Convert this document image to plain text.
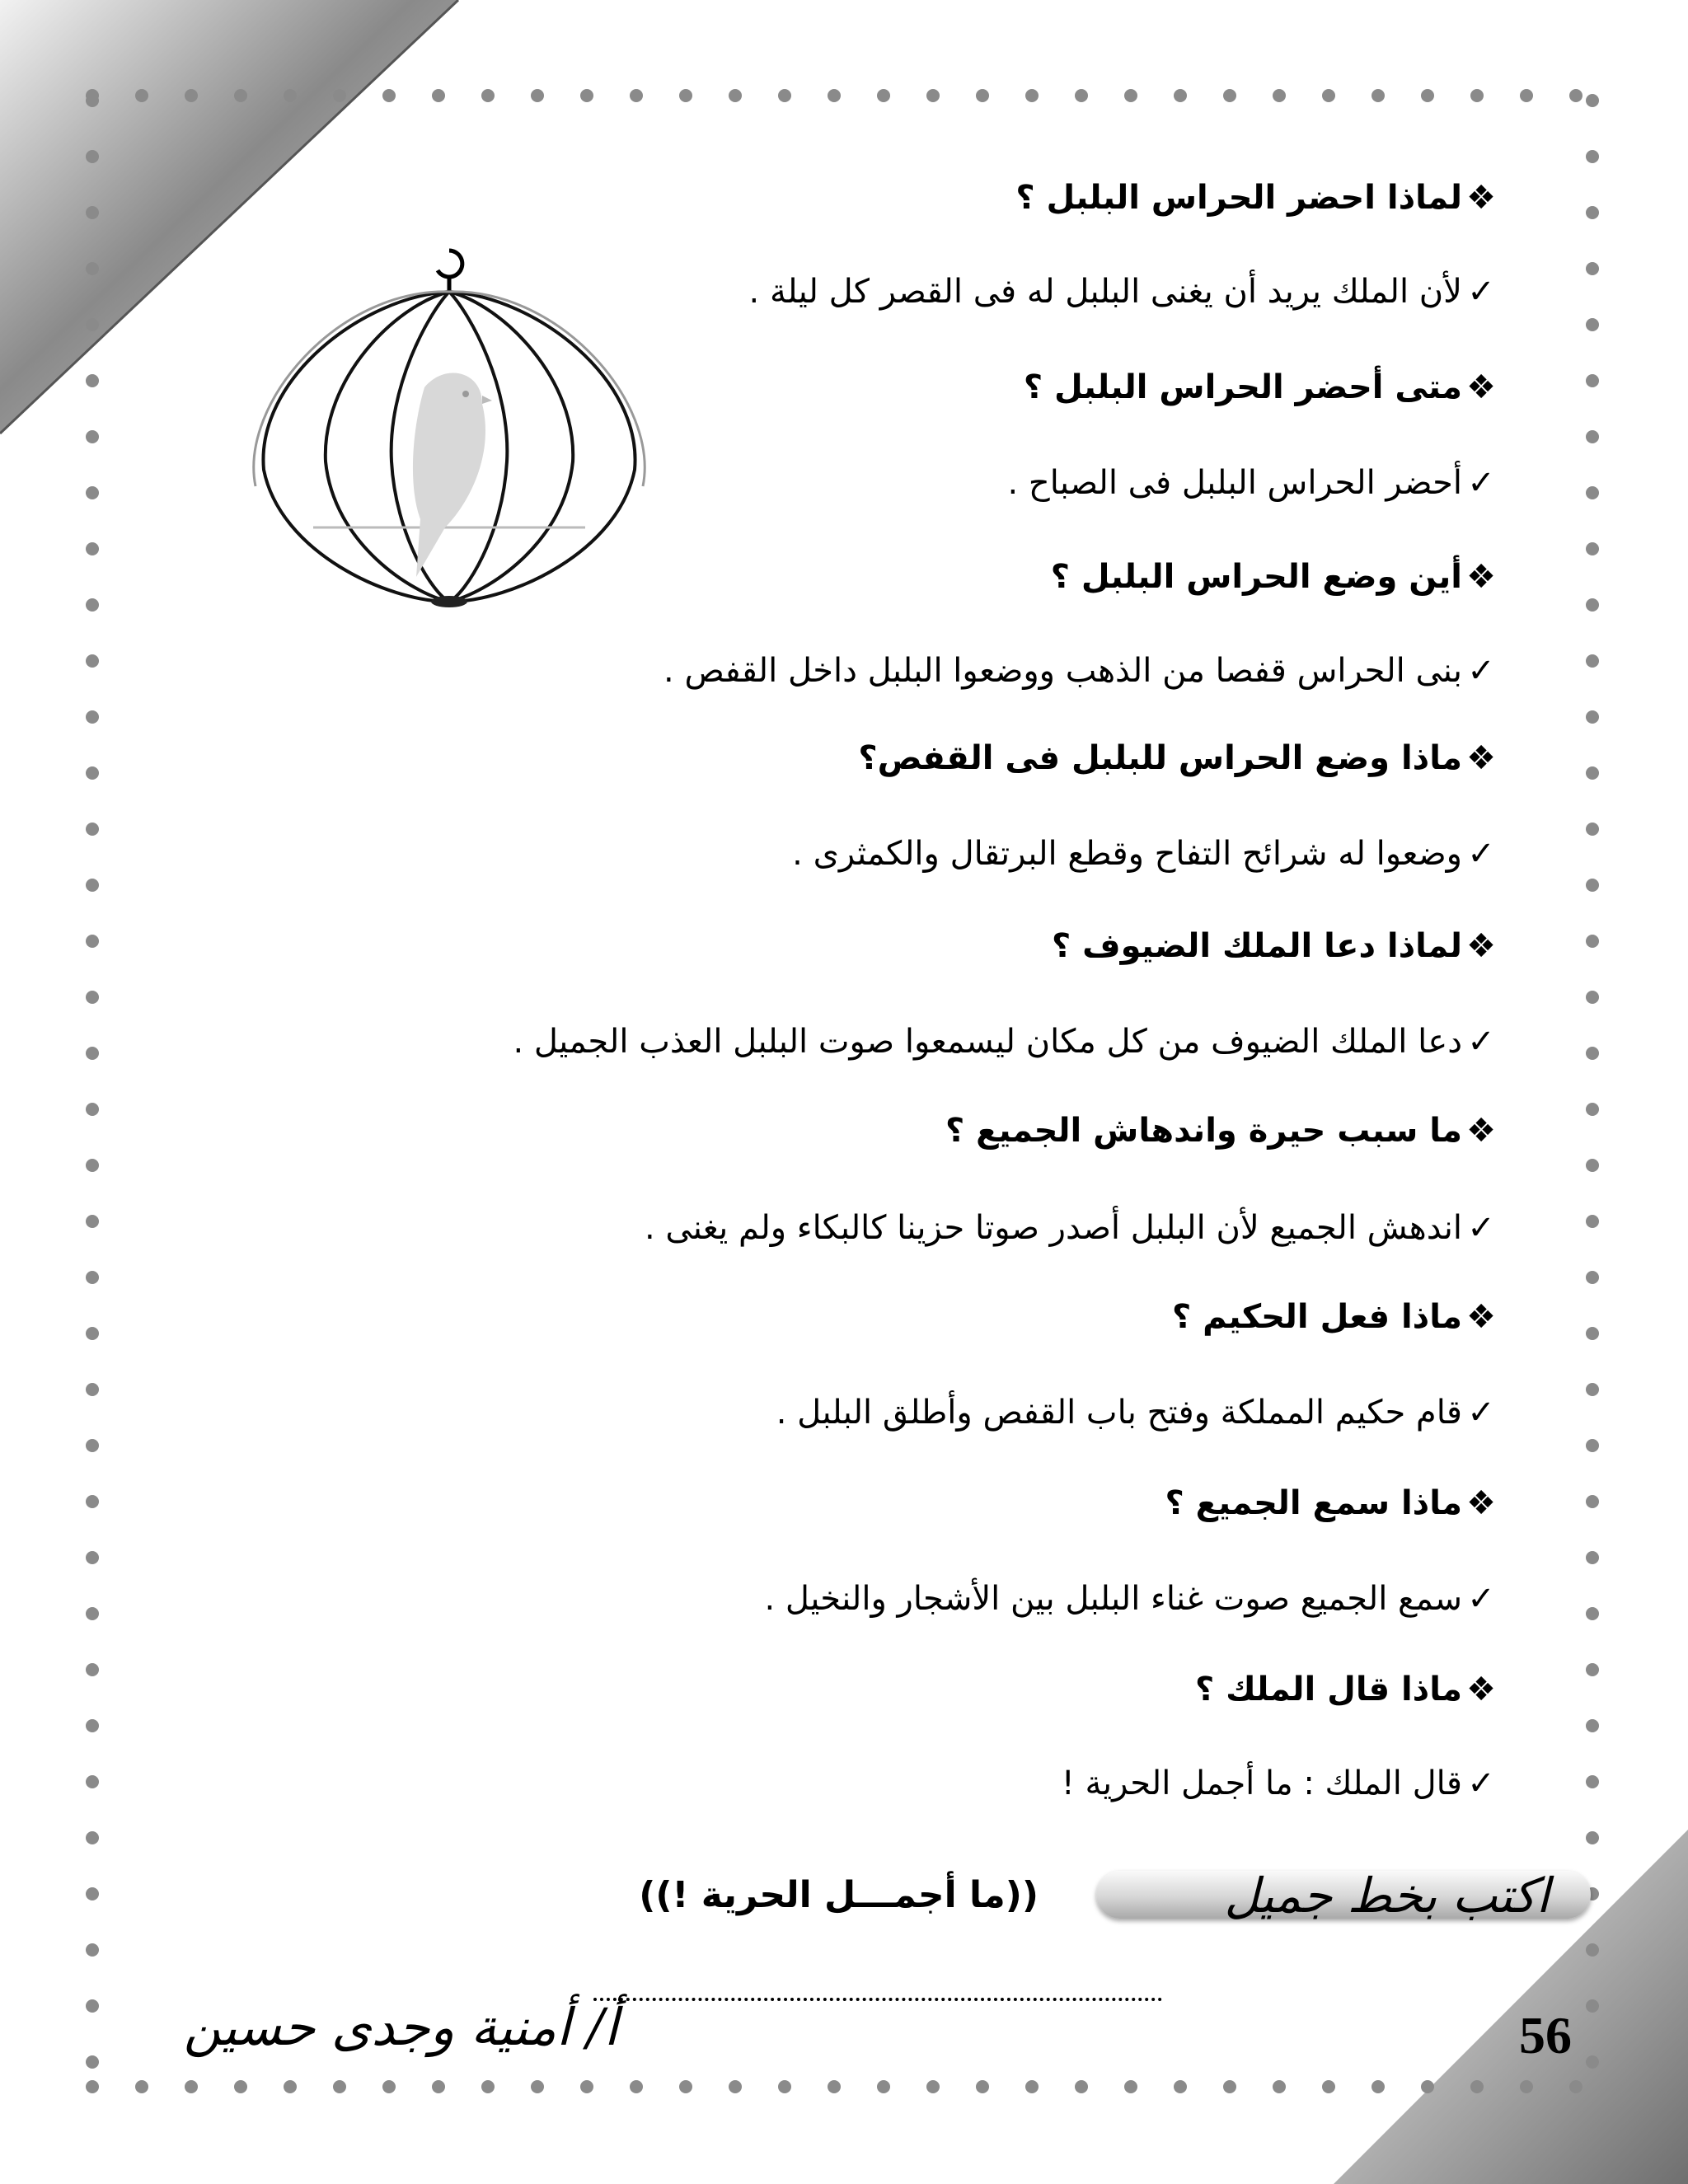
❖لماذا احضر الحراس البلبل ؟
✓لأن الملك يريد أن يغنى البلبل له فى القصر كل ليلة .
❖متى أحضر الحراس البلبل ؟
✓أحضر الحراس البلبل فى الصباح .
❖أين وضع الحراس البلبل ؟
✓بنى الحراس قفصا من الذهب ووضعوا البلبل داخل القفص .
❖ماذا وضع الحراس للبلبل فى القفص؟
✓وضعوا له شرائح التفاح وقطع البرتقال والكمثرى .
❖لماذا دعا الملك الضيوف ؟
✓دعا الملك الضيوف من كل مكان ليسمعوا صوت البلبل العذب الجميل .
❖ما سبب حيرة واندهاش الجميع ؟
✓اندهش الجميع لأن البلبل أصدر صوتا حزينا كالبكاء ولم يغنى .
❖ماذا فعل الحكيم ؟
✓قام حكيم المملكة وفتح باب القفص وأطلق البلبل .
❖ماذا سمع الجميع ؟
✓سمع الجميع صوت غناء البلبل بين الأشجار والنخيل .
❖ماذا قال الملك ؟
✓قال الملك : ما أجمل الحرية !
اكتب بخط جميل
((ما أجمـــل الحرية !))
أ/ أمنية وجدى حسين	56
